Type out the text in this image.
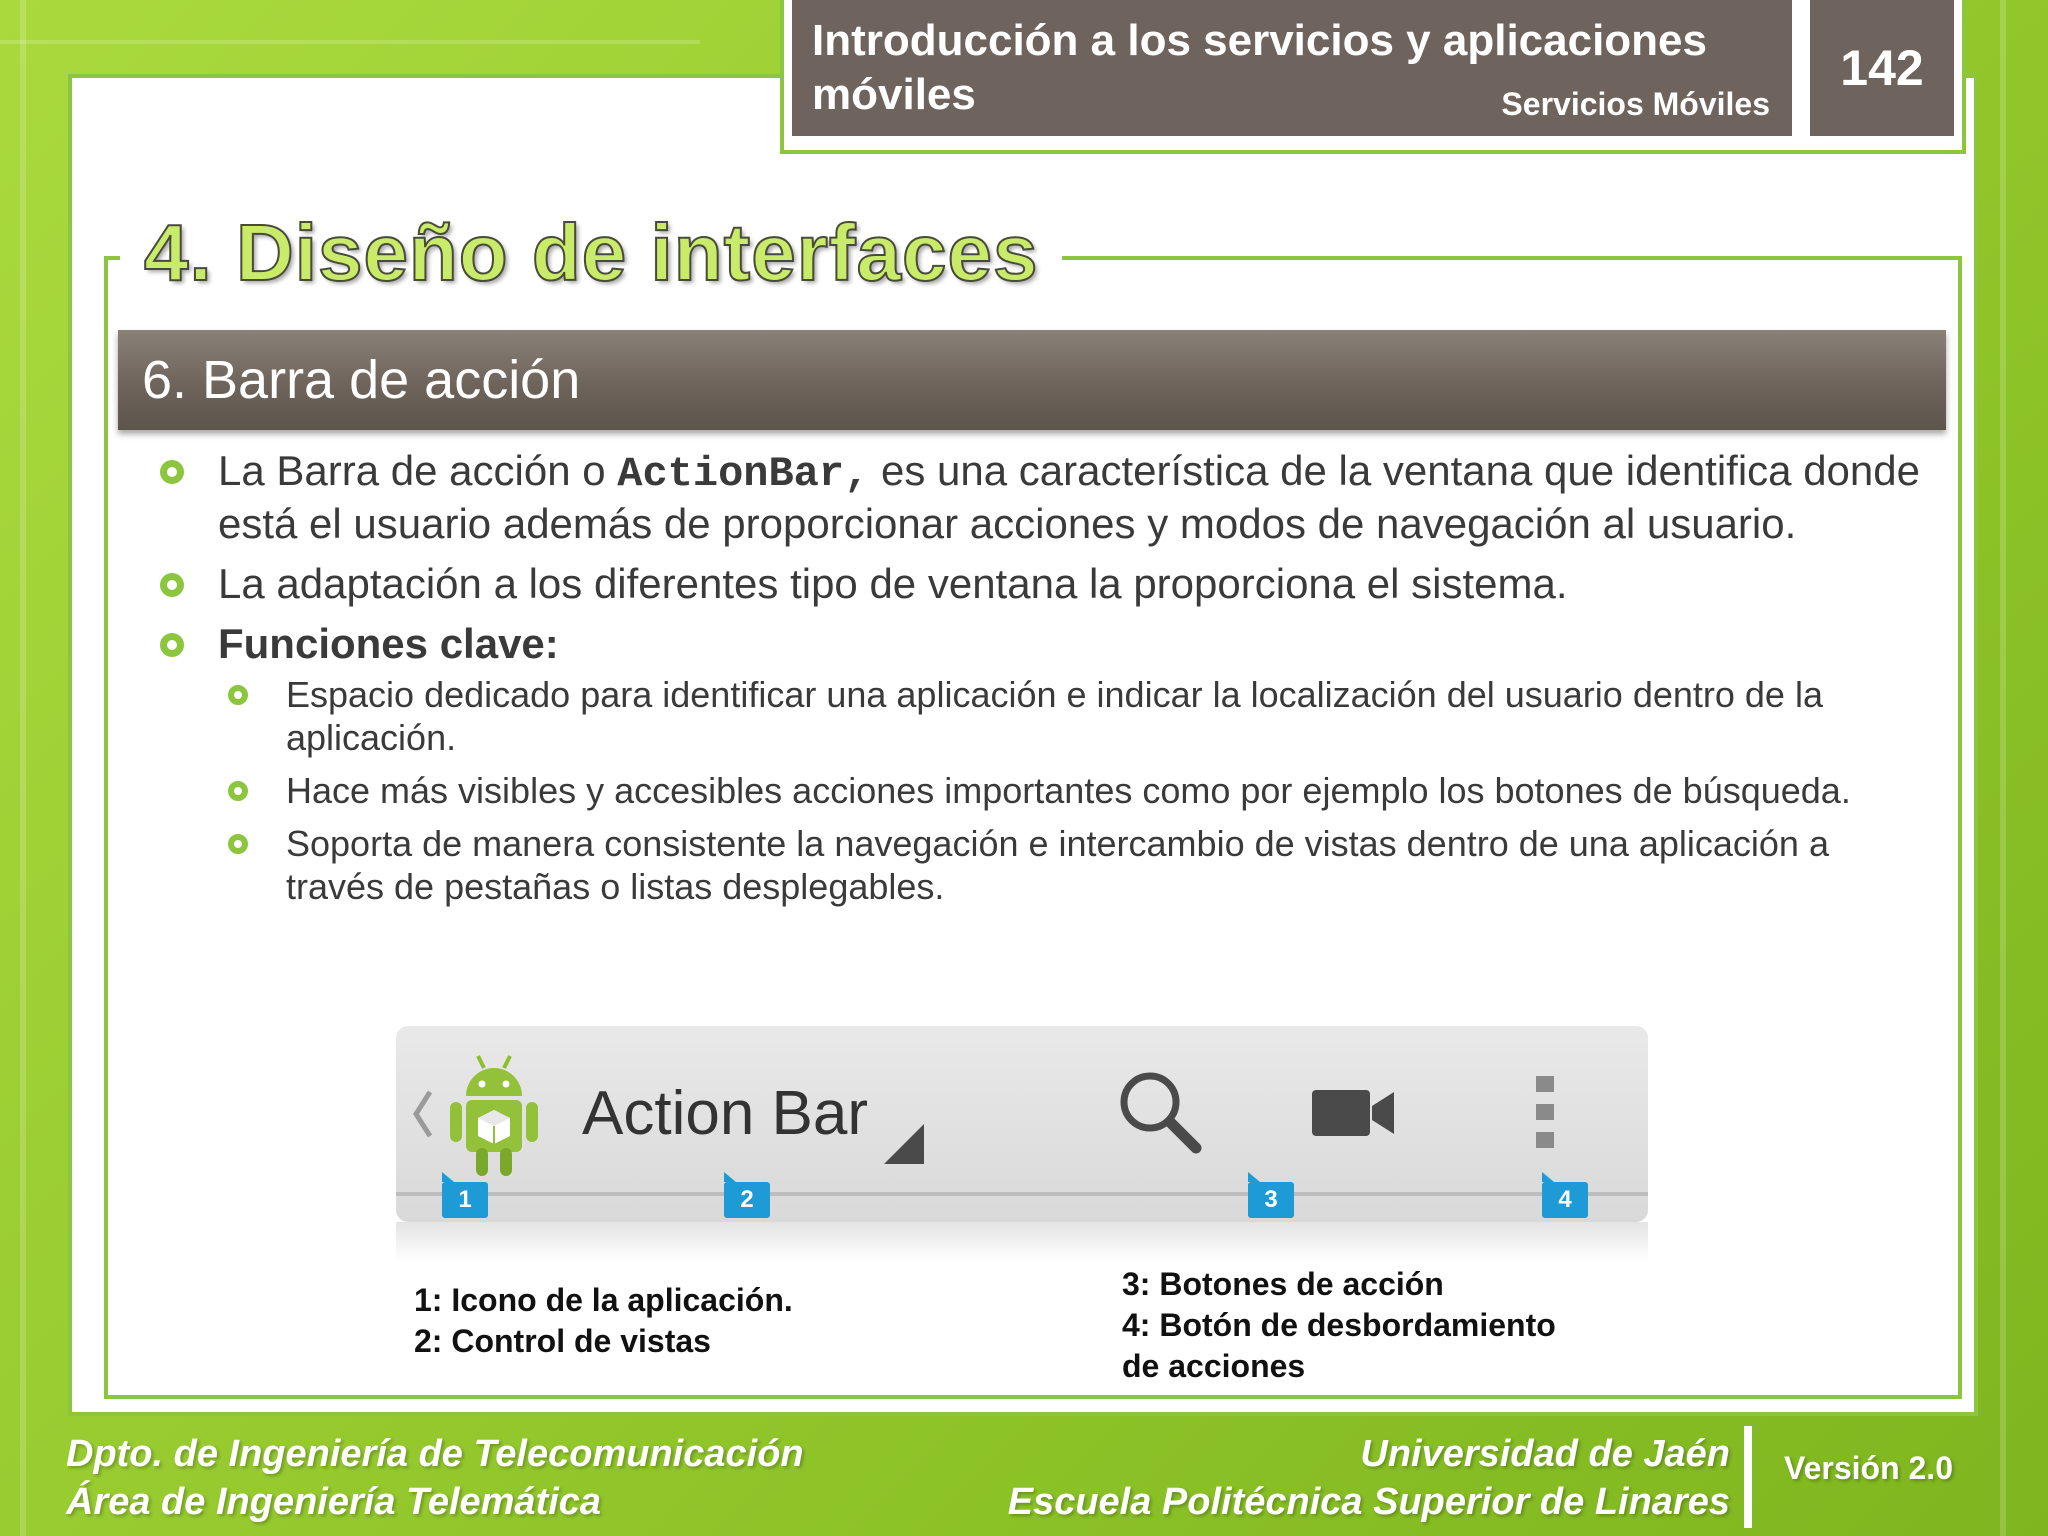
Introducción a los servicios y aplicaciones móviles	Servicios Móviles
142
4. Diseño de interfaces
6. Barra de acción
La Barra de acción o ActionBar, es una característica de la ventana que identifica donde está el usuario además de proporcionar acciones y modos de navegación al usuario.
La adaptación a los diferentes tipo de ventana la proporciona el sistema.
Funciones clave:
Espacio dedicado para identificar una aplicación e indicar la localización del usuario dentro de la aplicación.
Hace más visibles y accesibles acciones importantes como por ejemplo los botones de búsqueda.
Soporta de manera consistente la navegación e intercambio de vistas dentro de una aplicación a través de pestañas o listas desplegables.
Action Bar
1	2	3	4
1: Icono de la aplicación.
2: Control de vistas
3: Botones de acción
4: Botón de desbordamiento
de acciones
Dpto. de Ingeniería de Telecomunicación
Área de Ingeniería Telemática
Universidad de Jaén
Escuela Politécnica Superior de Linares
Versión 2.0
